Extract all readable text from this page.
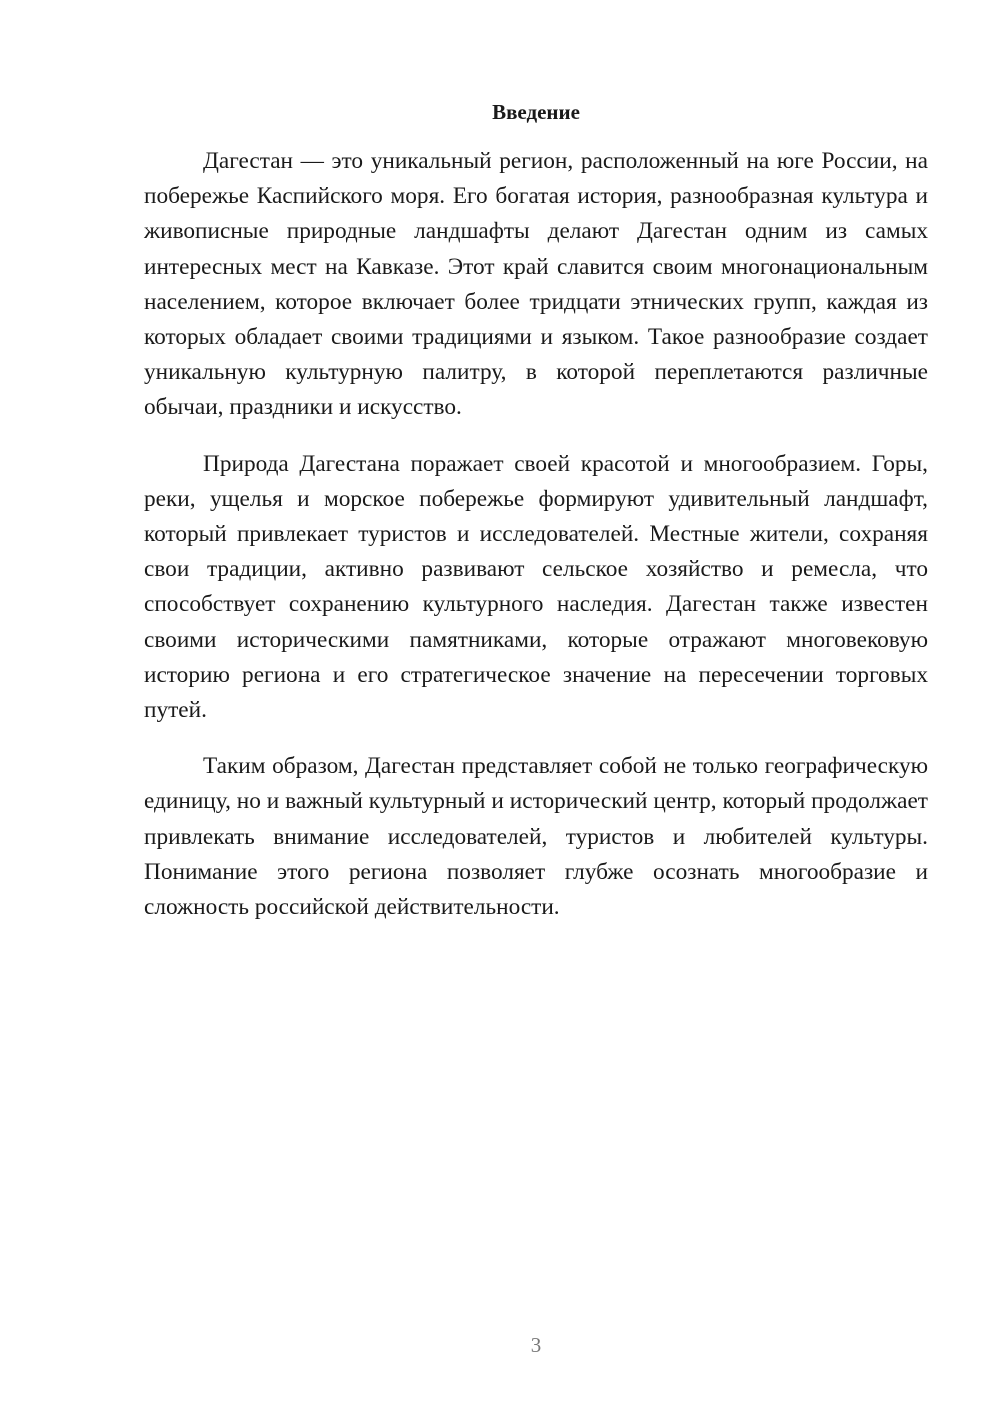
Введение

Дагестан — это уникальный регион, расположенный на юге России, на побережье Каспийского моря. Его богатая история, разнообразная культура и живописные природные ландшафты делают Дагестан одним из самых интересных мест на Кавказе. Этот край славится своим многонациональным населением, которое включает более тридцати этнических групп, каждая из которых обладает своими традициями и языком. Такое разнообразие создает уникальную культурную палитру, в которой переплетаются различные обычаи, праздники и искусство.

Природа Дагестана поражает своей красотой и многообразием. Горы, реки, ущелья и морское побережье формируют удивительный ландшафт, который привлекает туристов и исследователей. Местные жители, сохраняя свои традиции, активно развивают сельское хозяйство и ремесла, что способствует сохранению культурного наследия. Дагестан также известен своими историческими памятниками, которые отражают многовековую историю региона и его стратегическое значение на пересечении торговых путей.

Таким образом, Дагестан представляет собой не только географическую единицу, но и важный культурный и исторический центр, который продолжает привлекать внимание исследователей, туристов и любителей культуры. Понимание этого региона позволяет глубже осознать многообразие и сложность российской действительности.

3
